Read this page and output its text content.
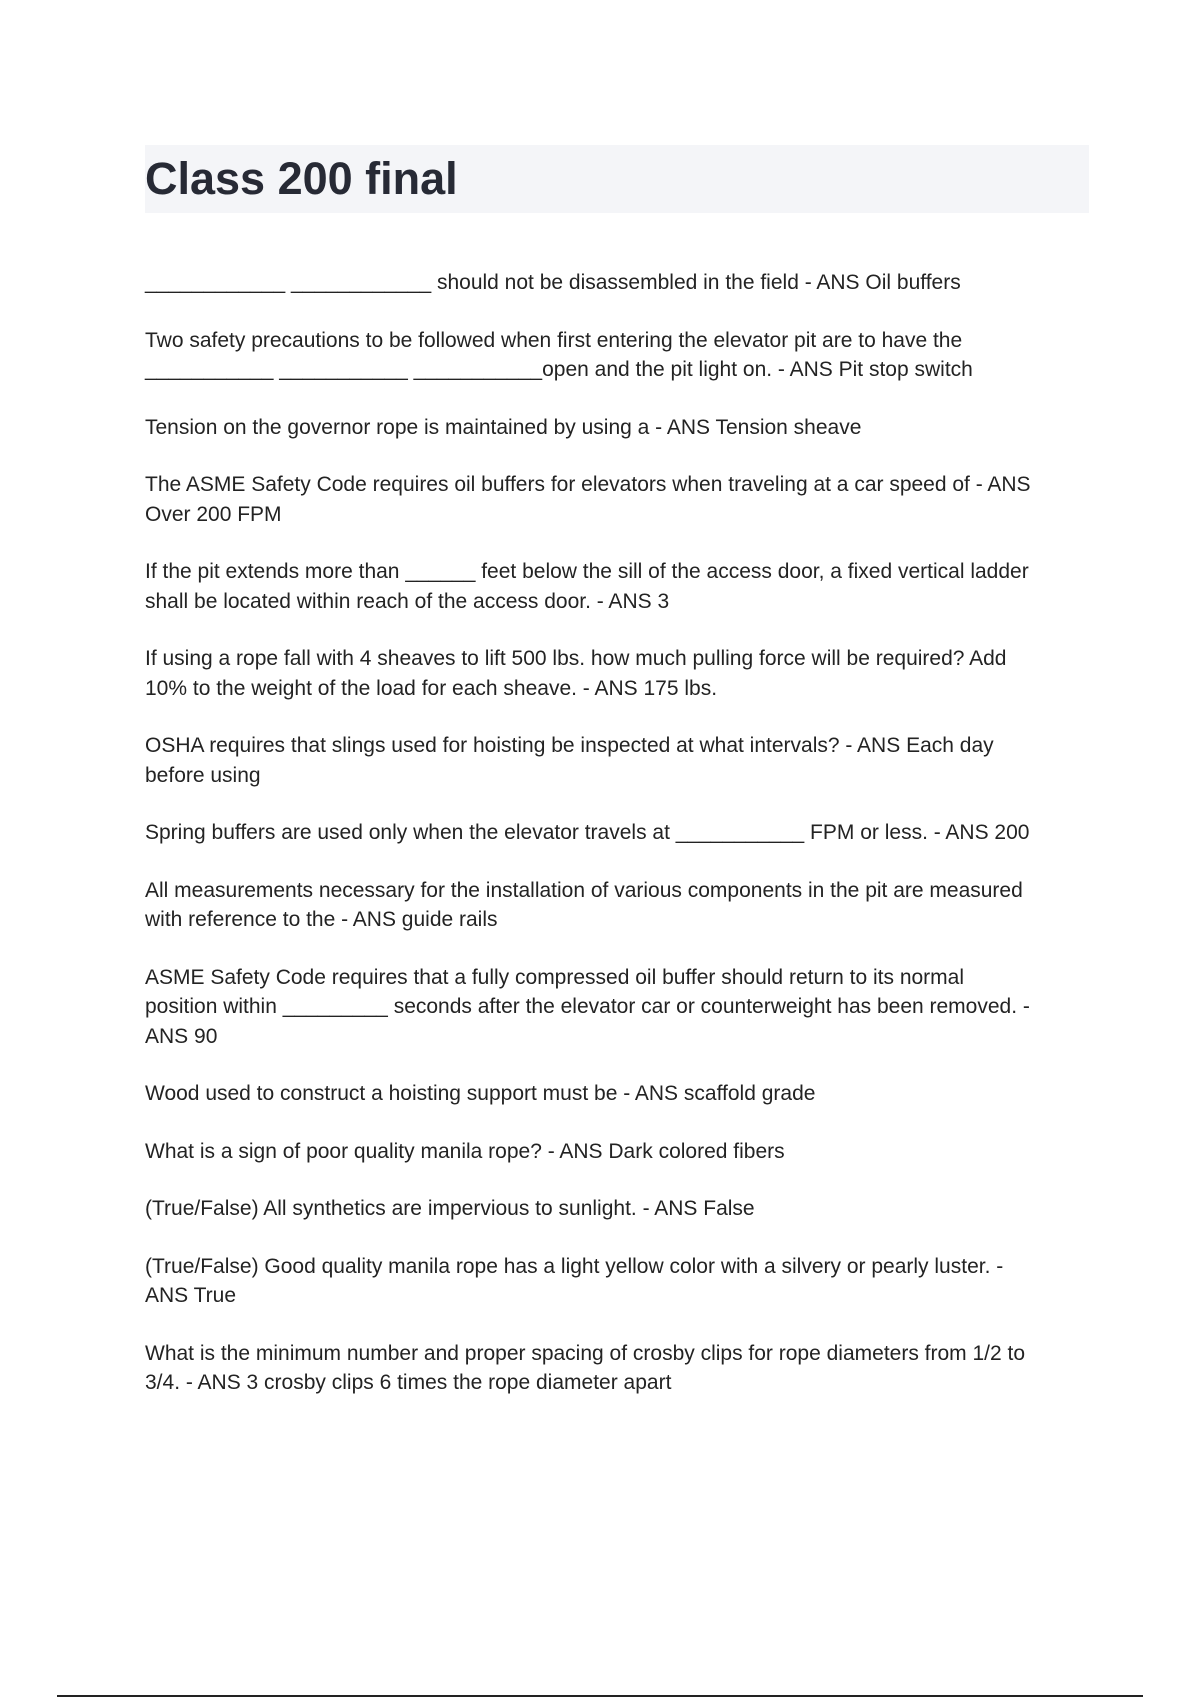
Class 200 final
____________ ____________ should not be disassembled in the field - ANS Oil buffers
Two safety precautions to be followed when first entering the elevator pit are to have the
___________ ___________ ___________open and the pit light on. - ANS Pit stop switch
Tension on the governor rope is maintained by using a - ANS Tension sheave
The ASME Safety Code requires oil buffers for elevators when traveling at a car speed of - ANS
Over 200 FPM
If the pit extends more than ______ feet below the sill of the access door, a fixed vertical ladder
shall be located within reach of the access door. - ANS 3
If using a rope fall with 4 sheaves to lift 500 lbs. how much pulling force will be required? Add
10% to the weight of the load for each sheave. - ANS 175 lbs.
OSHA requires that slings used for hoisting be inspected at what intervals? - ANS Each day
before using
Spring buffers are used only when the elevator travels at ___________ FPM or less. - ANS 200
All measurements necessary for the installation of various components in the pit are measured
with reference to the - ANS guide rails
ASME Safety Code requires that a fully compressed oil buffer should return to its normal
position within _________ seconds after the elevator car or counterweight has been removed. -
ANS 90
Wood used to construct a hoisting support must be - ANS scaffold grade
What is a sign of poor quality manila rope? - ANS Dark colored fibers
(True/False) All synthetics are impervious to sunlight. - ANS False
(True/False) Good quality manila rope has a light yellow color with a silvery or pearly luster. -
ANS True
What is the minimum number and proper spacing of crosby clips for rope diameters from 1/2 to
3/4. - ANS 3 crosby clips 6 times the rope diameter apart
